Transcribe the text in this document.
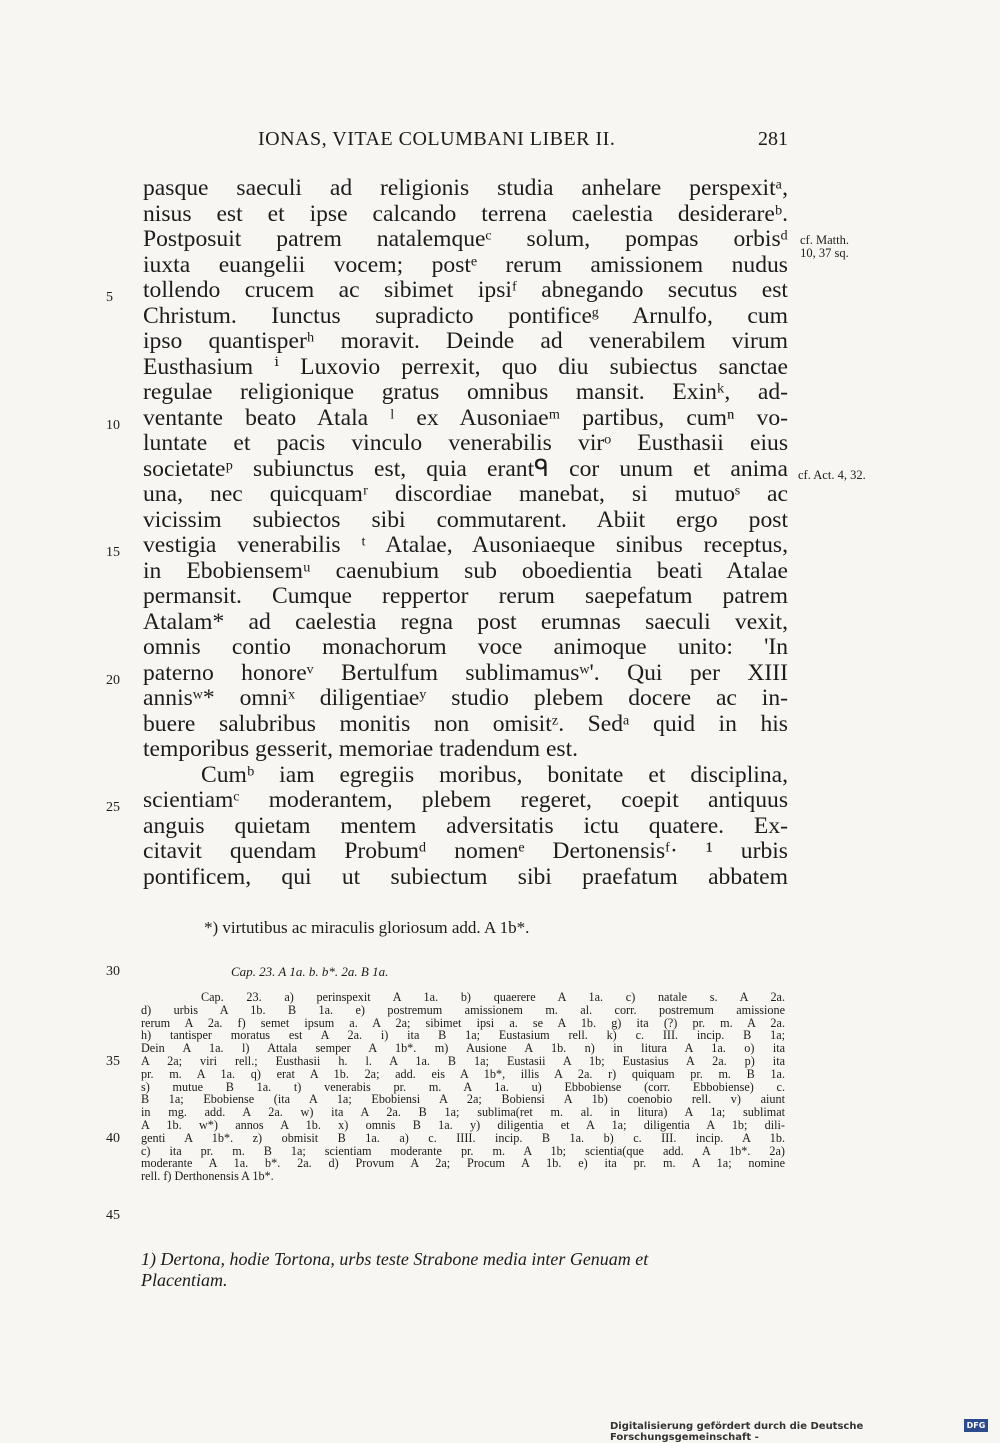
IONAS, VITAE COLUMBANI LIBER II.	281
pasque saeculi ad religionis studia anhelare perspexitᵃ,
nisus est et ipse calcando terrena caelestia desiderareᵇ.
Postposuit patrem natalemqueᶜ solum, pompas orbisᵈ
iuxta euangelii vocem; postᵉ rerum amissionem nudus
tollendo crucem ac sibimet ipsiᶠ abnegando secutus est
Christum. Iunctus supradicto pontificeᵍ Arnulfo, cum
ipso quantisperʰ moravit. Deinde ad venerabilem virum
Eusthasium ⁱ Luxovio perrexit, quo diu subiectus sanctae
regulae religionique gratus omnibus mansit. Exinᵏ, ad-
ventante beato Atala ˡ ex Ausoniaeᵐ partibus, cumⁿ vo-
luntate et pacis vinculo venerabilis virᵒ Eusthasii eius
societateᵖ subiunctus est, quia erantᑫ cor unum et anima
una, nec quicquamʳ discordiae manebat, si mutuoˢ ac
vicissim subiectos sibi commutarent. Abiit ergo post
vestigia venerabilis ᵗ Atalae, Ausoniaeque sinibus receptus,
in Ebobiensemᵘ caenubium sub oboedientia beati Atalae
permansit. Cumque reppertor rerum saepefatum patrem
Atalam* ad caelestia regna post erumnas saeculi vexit,
omnis contio monachorum voce animoque unito: 'In
paterno honoreᵛ Bertulfum sublimamusʷ'. Qui per XIII
annisʷ* omniˣ diligentiaeʸ studio plebem docere ac in-
buere salubribus monitis non omisitᶻ. Sedᵃ quid in his
temporibus gesserit, memoriae tradendum est.
Cumᵇ iam egregiis moribus, bonitate et disciplina,
scientiamᶜ moderantem, plebem regeret, coepit antiquus
anguis quietam mentem adversitatis ictu quatere. Ex-
citavit quendam Probumᵈ nomenᵉ Dertonensisᶠ· ¹ urbis
pontificem, qui ut subiectum sibi praefatum abbatem
5
10
15
20
25
cf. Matth.
10, 37 sq.
cf. Act. 4, 32.
*) virtutibus ac miraculis gloriosum add. A 1b*.
30	Cap. 23. A 1a. b. b*. 2a. B 1a.
35
40
45
Cap. 23. a) perinspexit A 1a. b) quaerere A 1a. c) natale s. A 2a.
d) urbis A 1b. B 1a. e) postremum amissionem m. al. corr. postremum amissione
rerum A 2a. f) semet ipsum a. A 2a; sibimet ipsi a. se A 1b. g) ita (?) pr. m. A 2a.
h) tantisper moratus est A 2a. i) ita B 1a; Eustasium rell. k) c. III. incip. B 1a;
Dein A 1a. l) Attala semper A 1b*. m) Ausione A 1b. n) in litura A 1a. o) ita
A 2a; viri rell.; Eusthasii h. l. A 1a. B 1a; Eustasii A 1b; Eustasius A 2a. p) ita
pr. m. A 1a. q) erat A 1b. 2a; add. eis A 1b*, illis A 2a. r) quiquam pr. m. B 1a.
s) mutue B 1a. t) venerabis pr. m. A 1a. u) Ebbobiense (corr. Ebbobiense) c.
B 1a; Ebobiense (ita A 1a; Ebobiensi A 2a; Bobiensi A 1b) coenobio rell. v) aiunt
in mg. add. A 2a. w) ita A 2a. B 1a; sublima(ret m. al. in litura) A 1a; sublimat
A 1b. w*) annos A 1b. x) omnis B 1a. y) diligentia et A 1a; diligentia A 1b; dili-
genti A 1b*. z) obmisit B 1a. a) c. IIII. incip. B 1a. b) c. III. incip. A 1b.
c) ita pr. m. B 1a; scientiam moderante pr. m. A 1b; scientia(que add. A 1b*. 2a)
moderante A 1a. b*. 2a. d) Provum A 2a; Procum A 1b. e) ita pr. m. A 1a; nomine
rell. f) Derthonensis A 1b*.
1) Dertona, hodie Tortona, urbs teste Strabone media inter Genuam et
Placentiam.
Digitalisierung gefördert durch die Deutsche Forschungsgemeinschaft -
DFG
